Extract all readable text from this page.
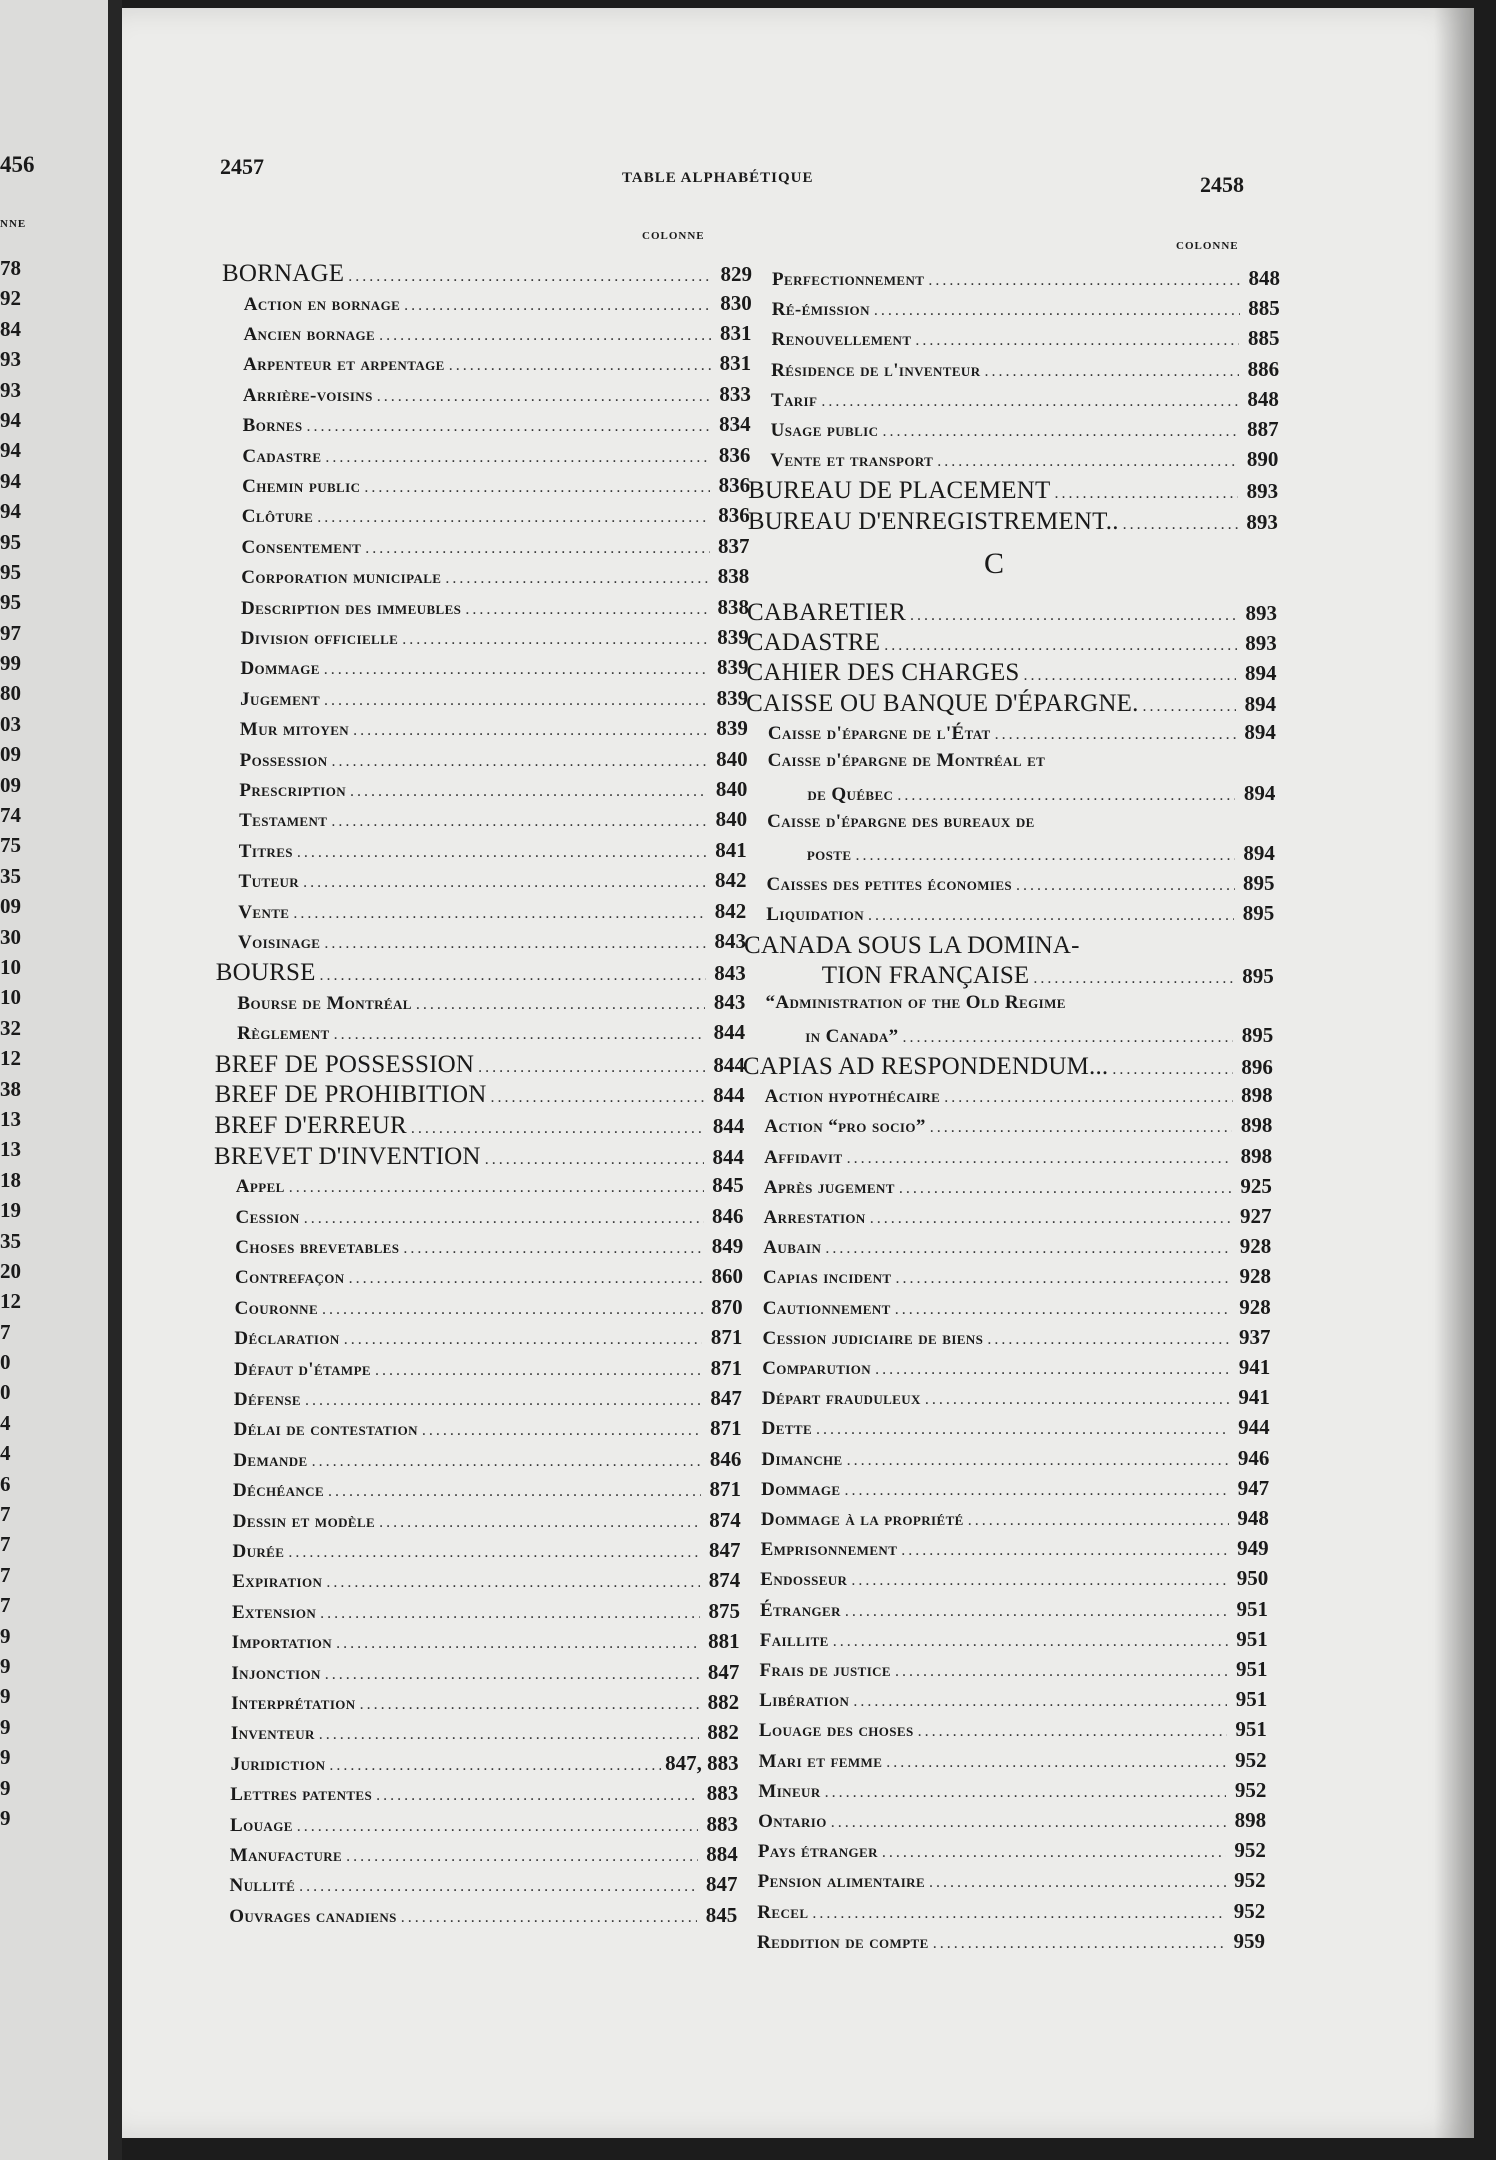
456
NNE
78
92
84
93
93
94
94
94
94
95
95
95
97
99
80
03
09
09
74
75
35
09
30
10
10
32
12
38
13
13
18
19
35
20
12
7
0
0
4
4
6
7
7
7
7
9
9
9
9
9
9
9
2457	TABLE ALPHABÉTIQUE	2458
COLONNE
COLONNE
BORNAGE .....	829
Action en bornage .....	830
Ancien bornage .....	831
Arpenteur et arpentage .....	831
Arrière-voisins .....	833
Bornes .....	834
Cadastre .....	836
Chemin public .....	836
Clôture .....	836
Consentement .....	837
Corporation municipale .....	838
Description des immeubles .....	838
Division officielle .....	839
Dommage .....	839
Jugement .....	839
Mur mitoyen .....	839
Possession .....	840
Prescription .....	840
Testament .....	840
Titres .....	841
Tuteur .....	842
Vente .....	842
Voisinage .....	843
BOURSE .....	843
Bourse de Montréal .....	843
Règlement .....	844
BREF DE POSSESSION .....	844
BREF DE PROHIBITION .....	844
BREF D'ERREUR .....	844
BREVET D'INVENTION .....	844
Appel .....	845
Cession .....	846
Choses brevetables .....	849
Contrefaçon .....	860
Couronne .....	870
Déclaration .....	871
Défaut d'étampe .....	871
Défense .....	847
Délai de contestation .....	871
Demande .....	846
Déchéance .....	871
Dessin et modèle .....	874
Durée .....	847
Expiration .....	874
Extension .....	875
Importation .....	881
Injonction .....	847
Interprétation .....	882
Inventeur .....	882
Juridiction .....	847, 883
Lettres patentes .....	883
Louage .....	883
Manufacture .....	884
Nullité .....	847
Ouvrages canadiens .....	845
Perfectionnement .....	848
Ré-émission .....	885
Renouvellement .....	885
Résidence de l'inventeur .....	886
Tarif .....	848
Usage public .....	887
Vente et transport .....	890
BUREAU DE PLACEMENT .....	893
BUREAU D'ENREGISTREMENT.. .....	893
C
CABARETIER .....	893
CADASTRE .....	893
CAHIER DES CHARGES .....	894
CAISSE OU BANQUE D'ÉPARGNE. .....	894
Caisse d'épargne de l'État .....	894
Caisse d'épargne de Montréal et
de Québec .....	894
Caisse d'épargne des bureaux de
poste .....	894
Caisses des petites économies .....	895
Liquidation .....	895
CANADA SOUS LA DOMINA-
TION FRANÇAISE .....	895
“Administration of the Old Regime
in Canada” .....	895
CAPIAS AD RESPONDENDUM... .....	896
Action hypothécaire .....	898
Action “pro socio” .....	898
Affidavit .....	898
Après jugement .....	925
Arrestation .....	927
Aubain .....	928
Capias incident .....	928
Cautionnement .....	928
Cession judiciaire de biens .....	937
Comparution .....	941
Départ frauduleux .....	941
Dette .....	944
Dimanche .....	946
Dommage .....	947
Dommage à la propriété .....	948
Emprisonnement .....	949
Endosseur .....	950
Étranger .....	951
Faillite .....	951
Frais de justice .....	951
Libération .....	951
Louage des choses .....	951
Mari et femme .....	952
Mineur .....	952
Ontario .....	898
Pays étranger .....	952
Pension alimentaire .....	952
Recel .....	952
Reddition de compte .....	959
